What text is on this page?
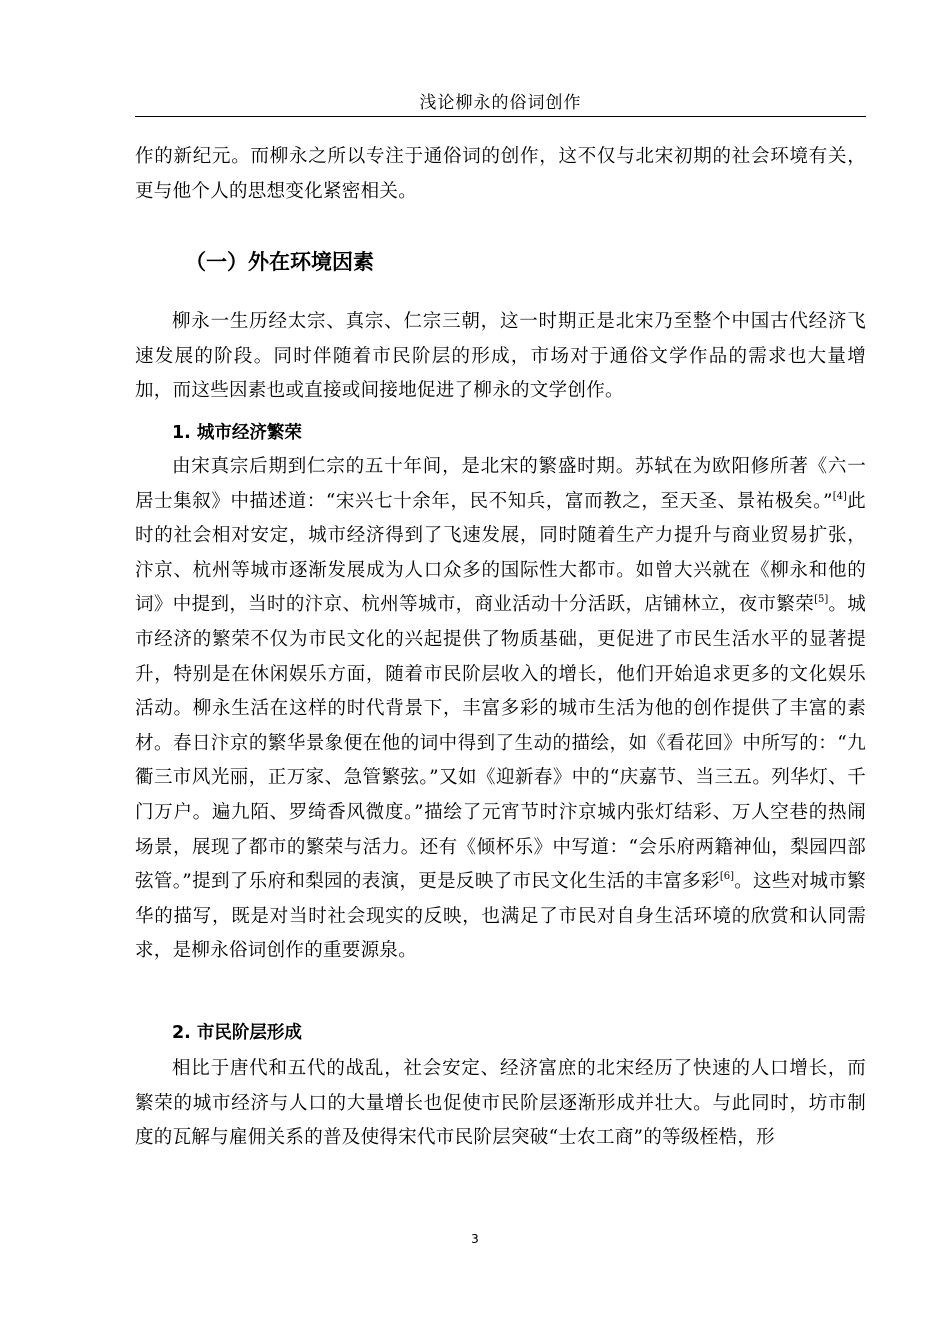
浅论柳永的俗词创作

作的新纪元。而柳永之所以专注于通俗词的创作，这不仅与北宋初期的社会环境有关，更与他个人的思想变化紧密相关。

（一）外在环境因素

柳永一生历经太宗、真宗、仁宗三朝，这一时期正是北宋乃至整个中国古代经济飞速发展的阶段。同时伴随着市民阶层的形成，市场对于通俗文学作品的需求也大量增加，而这些因素也或直接或间接地促进了柳永的文学创作。

1. 城市经济繁荣

由宋真宗后期到仁宗的五十年间，是北宋的繁盛时期。苏轼在为欧阳修所著《六一居士集叙》中描述道：“宋兴七十余年，民不知兵，富而教之，至天圣、景祐极矣。”[4]此时的社会相对安定，城市经济得到了飞速发展，同时随着生产力提升与商业贸易扩张，汴京、杭州等城市逐渐发展成为人口众多的国际性大都市。如曾大兴就在《柳永和他的词》中提到，当时的汴京、杭州等城市，商业活动十分活跃，店铺林立，夜市繁荣[5]。城市经济的繁荣不仅为市民文化的兴起提供了物质基础，更促进了市民生活水平的显著提升，特别是在休闲娱乐方面，随着市民阶层收入的增长，他们开始追求更多的文化娱乐活动。柳永生活在这样的时代背景下，丰富多彩的城市生活为他的创作提供了丰富的素材。春日汴京的繁华景象便在他的词中得到了生动的描绘，如《看花回》中所写的：“九衢三市风光丽，正万家、急管繁弦。”又如《迎新春》中的“庆嘉节、当三五。列华灯、千门万户。遍九陌、罗绮香风微度。”描绘了元宵节时汴京城内张灯结彩、万人空巷的热闹场景，展现了都市的繁荣与活力。还有《倾杯乐》中写道：“会乐府两籍神仙，梨园四部弦管。”提到了乐府和梨园的表演，更是反映了市民文化生活的丰富多彩[6]。这些对城市繁华的描写，既是对当时社会现实的反映，也满足了市民对自身生活环境的欣赏和认同需求，是柳永俗词创作的重要源泉。

2. 市民阶层形成

相比于唐代和五代的战乱，社会安定、经济富庶的北宋经历了快速的人口增长，而繁荣的城市经济与人口的大量增长也促使市民阶层逐渐形成并壮大。与此同时，坊市制度的瓦解与雇佣关系的普及使得宋代市民阶层突破“士农工商”的等级桎梏，形

3
